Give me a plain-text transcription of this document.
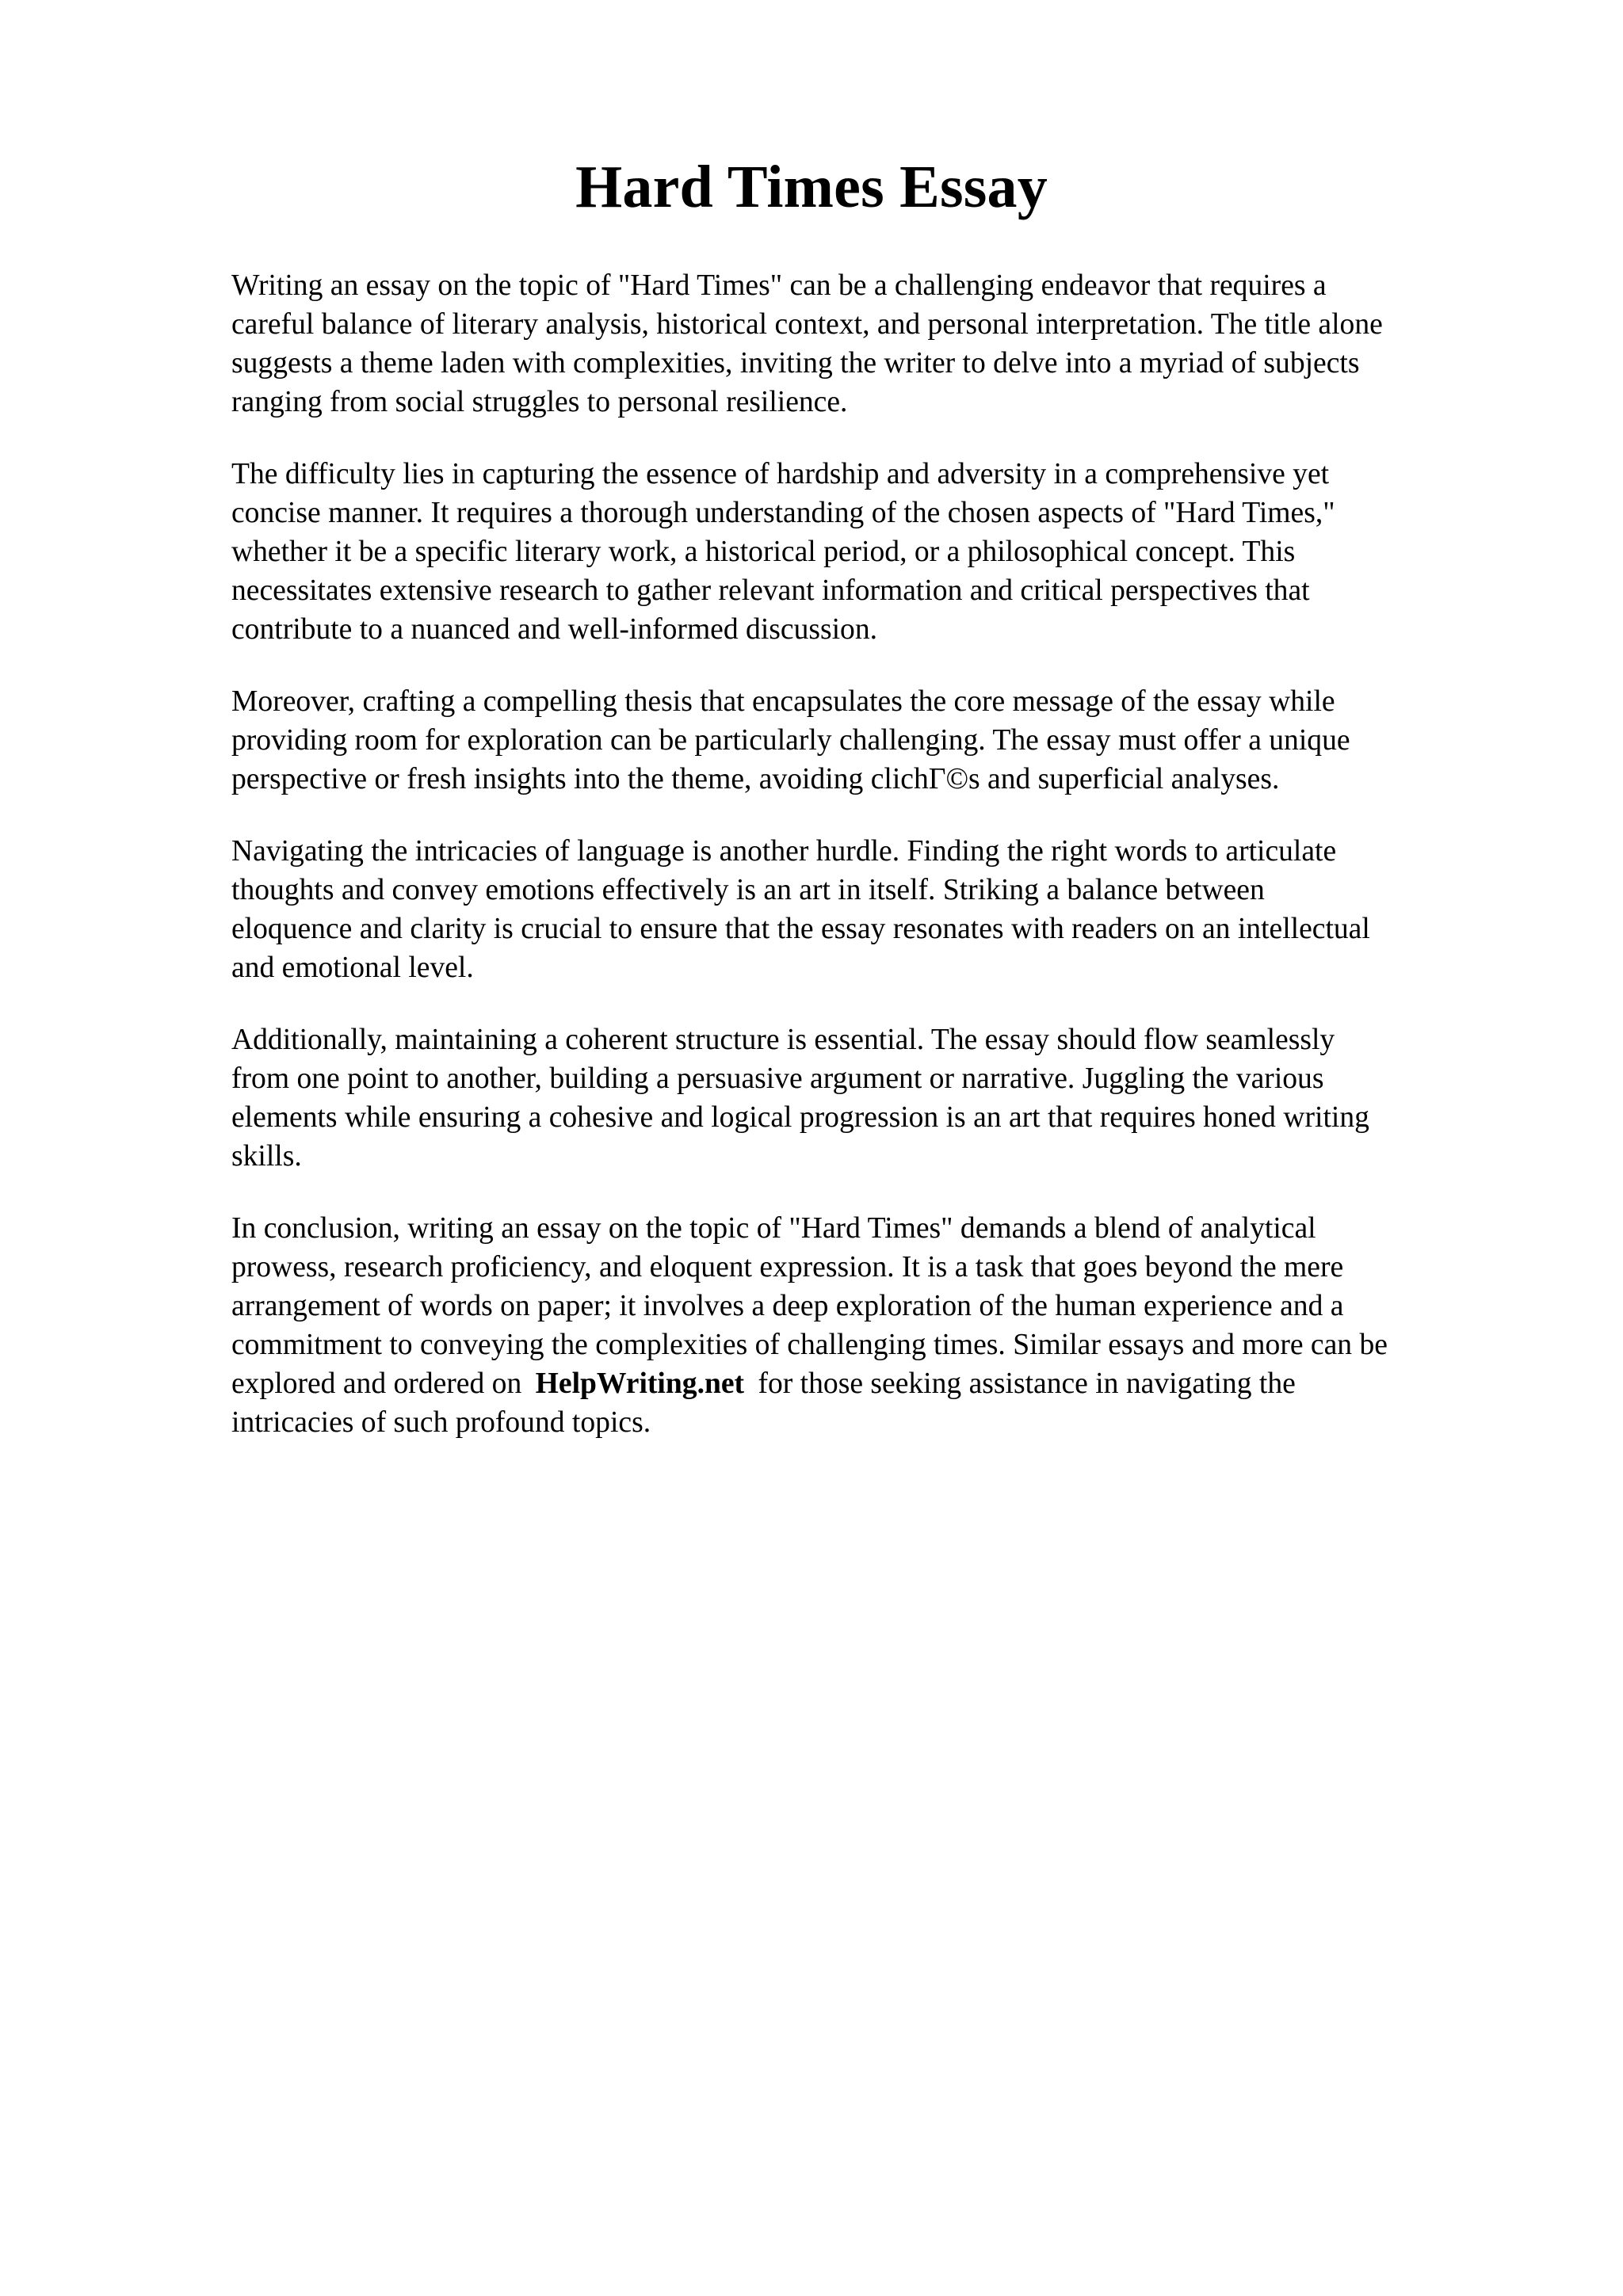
Hard Times Essay

Writing an essay on the topic of "Hard Times" can be a challenging endeavor that requires a
careful balance of literary analysis, historical context, and personal interpretation. The title alone
suggests a theme laden with complexities, inviting the writer to delve into a myriad of subjects
ranging from social struggles to personal resilience.

The difficulty lies in capturing the essence of hardship and adversity in a comprehensive yet
concise manner. It requires a thorough understanding of the chosen aspects of "Hard Times,"
whether it be a specific literary work, a historical period, or a philosophical concept. This
necessitates extensive research to gather relevant information and critical perspectives that
contribute to a nuanced and well-informed discussion.

Moreover, crafting a compelling thesis that encapsulates the core message of the essay while
providing room for exploration can be particularly challenging. The essay must offer a unique
perspective or fresh insights into the theme, avoiding clichΓ©s and superficial analyses.

Navigating the intricacies of language is another hurdle. Finding the right words to articulate
thoughts and convey emotions effectively is an art in itself. Striking a balance between
eloquence and clarity is crucial to ensure that the essay resonates with readers on an intellectual
and emotional level.

Additionally, maintaining a coherent structure is essential. The essay should flow seamlessly
from one point to another, building a persuasive argument or narrative. Juggling the various
elements while ensuring a cohesive and logical progression is an art that requires honed writing
skills.

In conclusion, writing an essay on the topic of "Hard Times" demands a blend of analytical
prowess, research proficiency, and eloquent expression. It is a task that goes beyond the mere
arrangement of words on paper; it involves a deep exploration of the human experience and a
commitment to conveying the complexities of challenging times. Similar essays and more can be
explored and ordered on HelpWriting.net for those seeking assistance in navigating the
intricacies of such profound topics.
